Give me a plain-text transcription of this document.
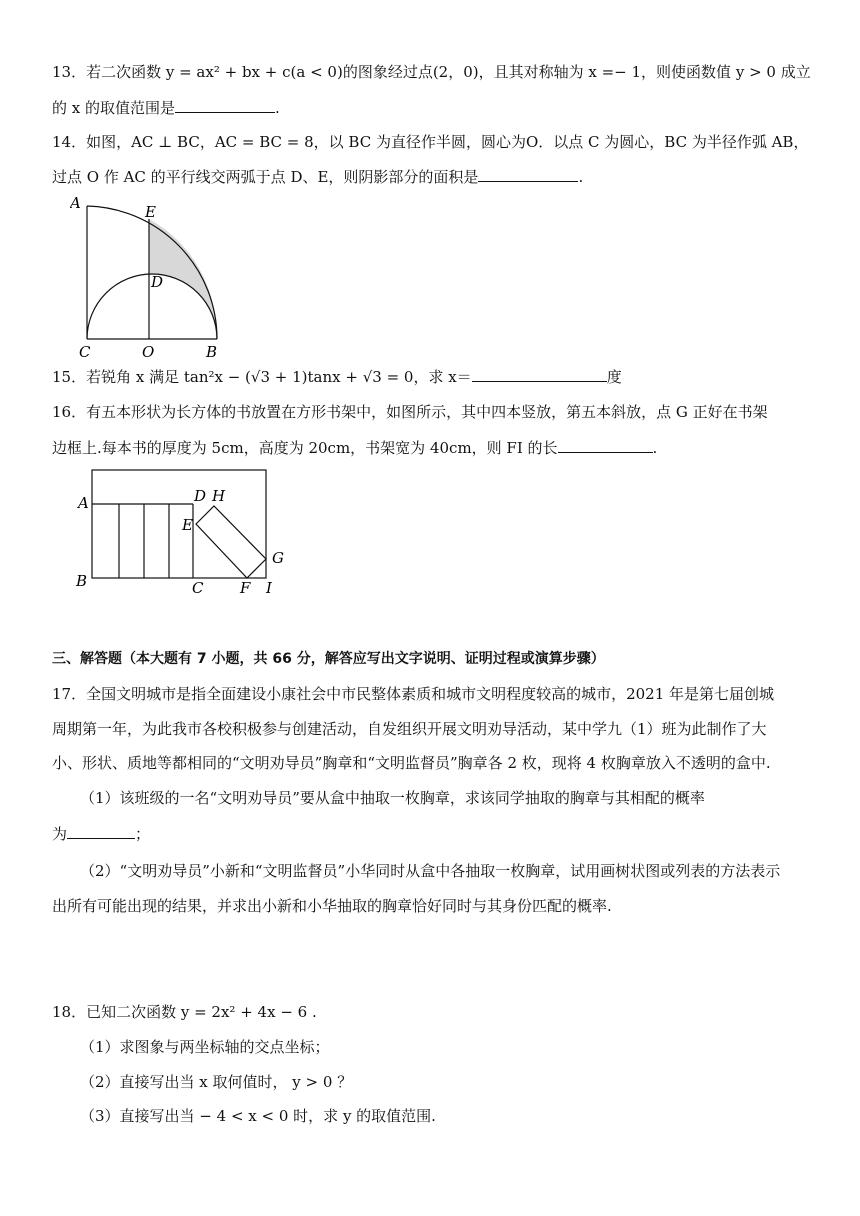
13．若二次函数 y = ax² + bx + c(a < 0)的图象经过点(2，0)，且其对称轴为 x =− 1，则使函数值 y > 0 成立
的 x 的取值范围是	.
14．如图，AC ⊥ BC，AC = BC = 8，以 BC 为直径作半圆，圆心为O．以点 C 为圆心，BC 为半径作弧 AB，
过点 O 作 AC 的平行线交两弧于点 D、E，则阴影部分的面积是	.
A	E
D
C	O	B
15．若锐角 x 满足 tan²x − (√3 + 1)tanx + √3 = 0，求 x＝	度
16．有五本形状为长方体的书放置在方形书架中，如图所示，其中四本竖放，第五本斜放，点 G 正好在书架
边框上.每本书的厚度为 5cm，高度为 20cm，书架宽为 40cm，则 FI 的长	.
A
B	C
D H
E
G
F I
三、解答题（本大题有 7 小题，共 66 分，解答应写出文字说明、证明过程或演算步骤）
17．全国文明城市是指全面建设小康社会中市民整体素质和城市文明程度较高的城市，2021 年是第七届创城
周期第一年，为此我市各校积极参与创建活动，自发组织开展文明劝导活动，某中学九（1）班为此制作了大
小、形状、质地等都相同的“文明劝导员”胸章和“文明监督员”胸章各 2 枚，现将 4 枚胸章放入不透明的盒中.
（1）该班级的一名“文明劝导员”要从盒中抽取一枚胸章，求该同学抽取的胸章与其相配的概率
为	；
（2）“文明劝导员”小新和“文明监督员”小华同时从盒中各抽取一枚胸章，试用画树状图或列表的方法表示
出所有可能出现的结果，并求出小新和小华抽取的胸章恰好同时与其身份匹配的概率.
18．已知二次函数 y = 2x² + 4x − 6 .
（1）求图象与两坐标轴的交点坐标；
（2）直接写出当 x 取何值时， y > 0 ？
（3）直接写出当 − 4 < x < 0 时，求 y 的取值范围.
